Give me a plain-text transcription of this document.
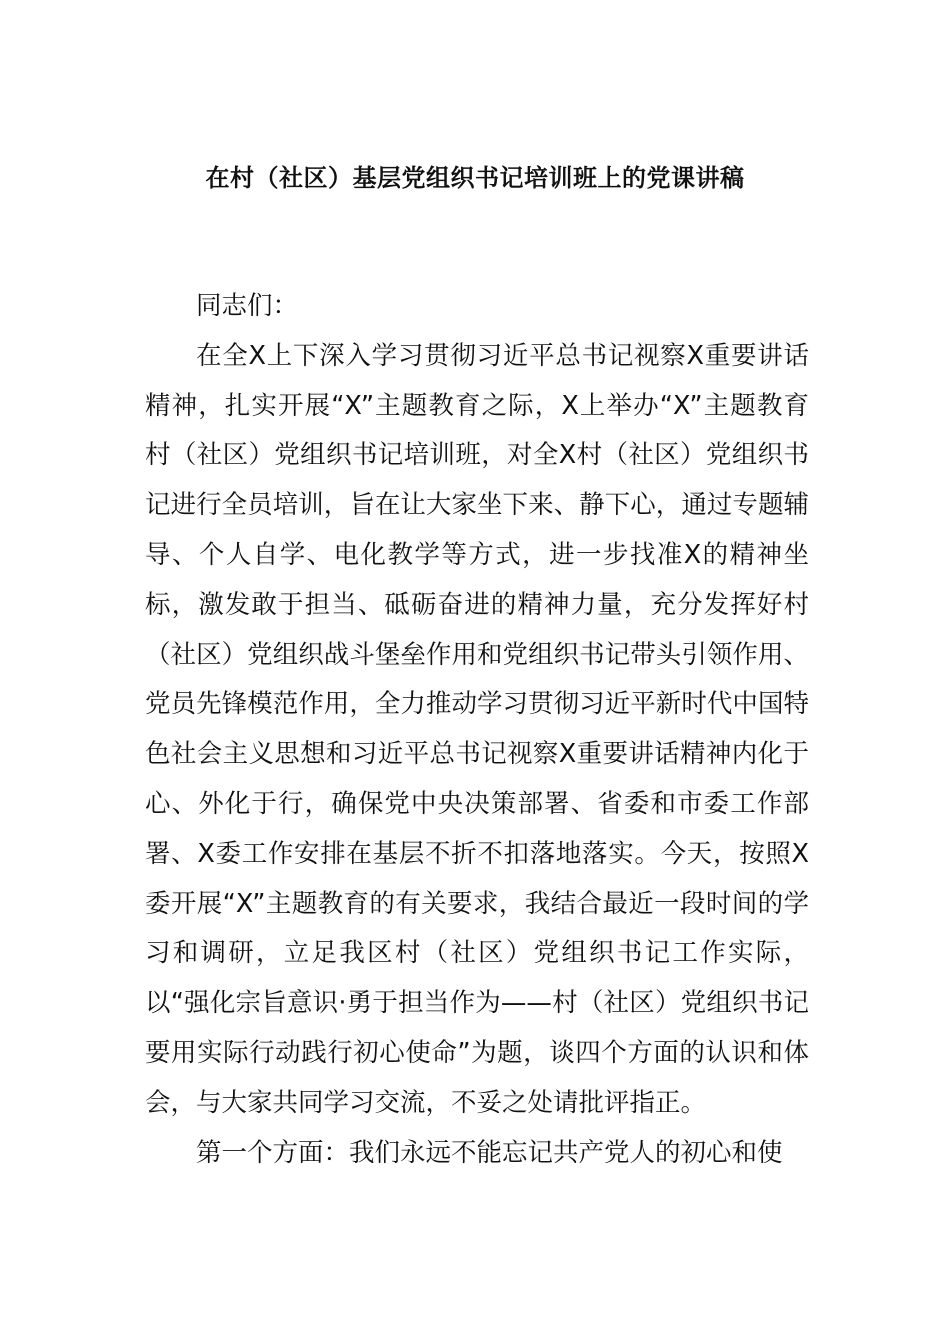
在村（社区）基层党组织书记培训班上的党课讲稿

同志们：

在全X上下深入学习贯彻习近平总书记视察X重要讲话精神，扎实开展“X”主题教育之际，X上举办“X”主题教育村（社区）党组织书记培训班，对全X村（社区）党组织书记进行全员培训，旨在让大家坐下来、静下心，通过专题辅导、个人自学、电化教学等方式，进一步找准X的精神坐标，激发敢于担当、砥砺奋进的精神力量，充分发挥好村（社区）党组织战斗堡垒作用和党组织书记带头引领作用、党员先锋模范作用，全力推动学习贯彻习近平新时代中国特色社会主义思想和习近平总书记视察X重要讲话精神内化于心、外化于行，确保党中央决策部署、省委和市委工作部署、X委工作安排在基层不折不扣落地落实。今天，按照X委开展“X”主题教育的有关要求，我结合最近一段时间的学习和调研，立足我区村（社区）党组织书记工作实际，以“强化宗旨意识·勇于担当作为——村（社区）党组织书记要用实际行动践行初心使命”为题，谈四个方面的认识和体会，与大家共同学习交流，不妥之处请批评指正。

第一个方面：我们永远不能忘记共产党人的初心和使
